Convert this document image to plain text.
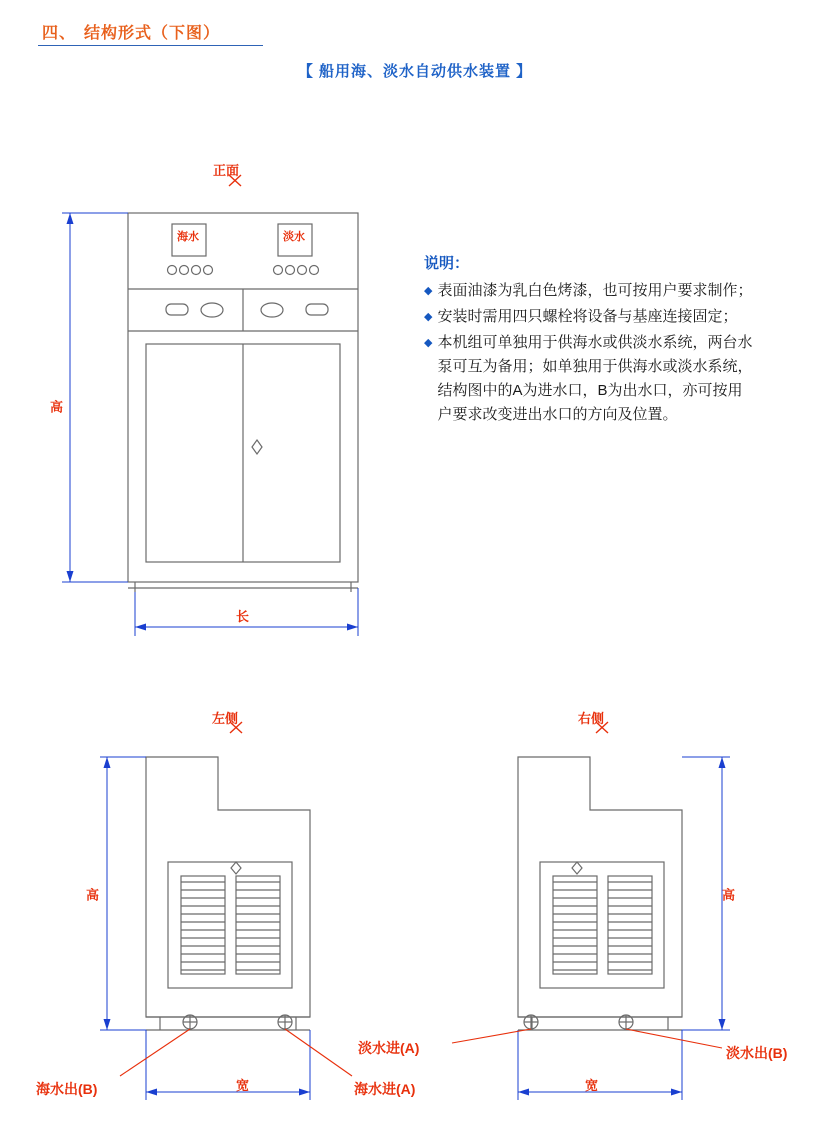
四、 结构形式（下图）
【 船用海、淡水自动供水装置 】
说明：
◆ 表面油漆为乳白色烤漆，也可按用户要求制作；
◆ 安装时需用四只螺栓将设备与基座连接固定；
◆ 本机组可单独用于供海水或供淡水系统，两台水泵可互为备用；如单独用于供海水或淡水系统，结构图中的A为进水口，B为出水口，亦可按用户要求改变进出水口的方向及位置。
正面
高
长
左侧
高
宽
右侧
高
宽
海水	淡水
海水出(B)	海水进(A)
淡水进(A)	淡水出(B)
